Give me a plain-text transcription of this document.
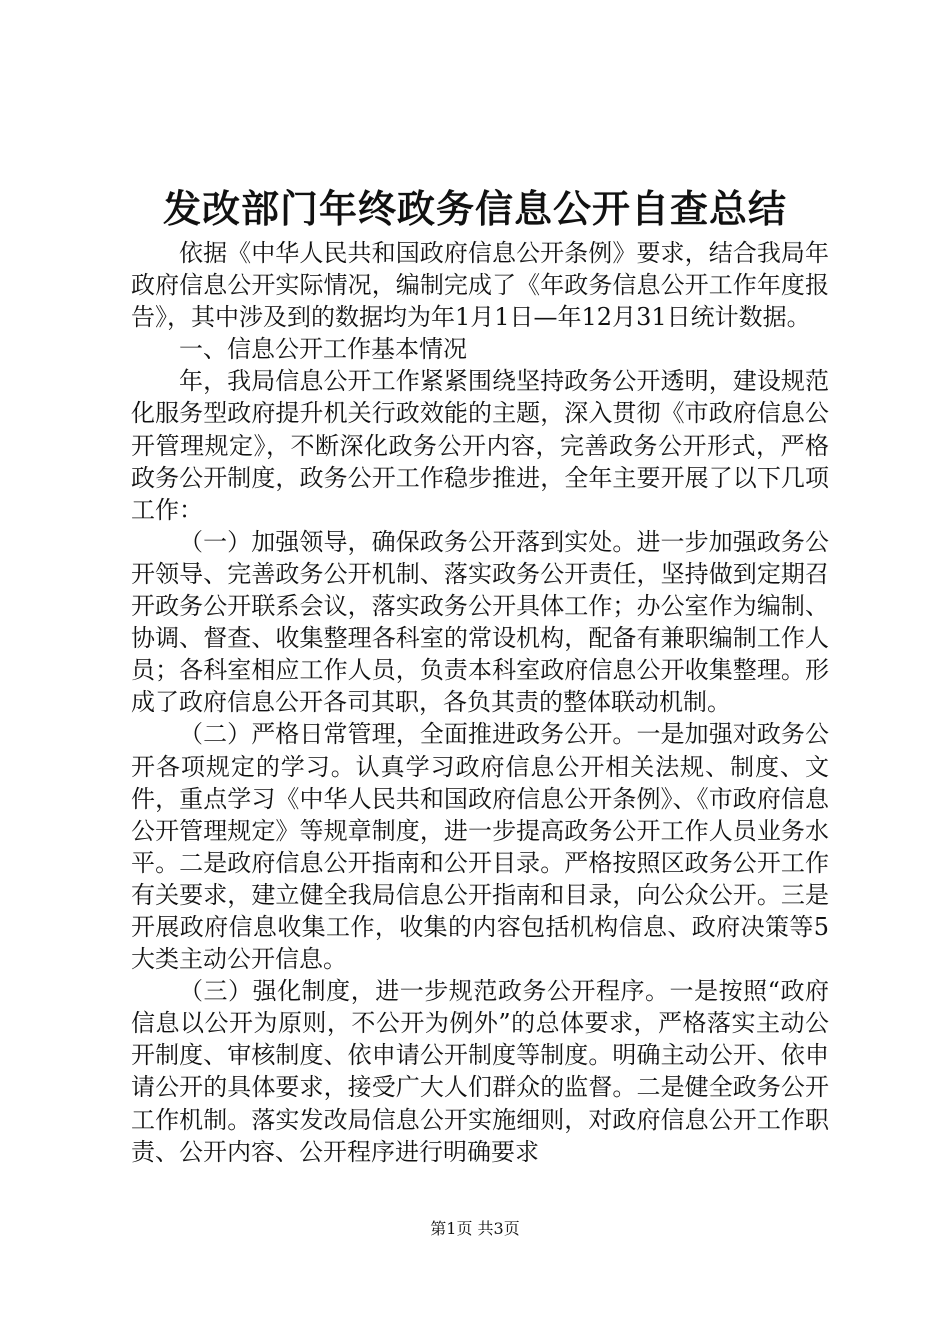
发改部门年终政务信息公开自查总结

依据《中华人民共和国政府信息公开条例》要求，结合我局年政府信息公开实际情况，编制完成了《年政务信息公开工作年度报告》，其中涉及到的数据均为年1月1日—年12月31日统计数据。

一、信息公开工作基本情况

年，我局信息公开工作紧紧围绕坚持政务公开透明，建设规范化服务型政府提升机关行政效能的主题，深入贯彻《市政府信息公开管理规定》，不断深化政务公开内容，完善政务公开形式，严格政务公开制度，政务公开工作稳步推进，全年主要开展了以下几项工作：

（一）加强领导，确保政务公开落到实处。进一步加强政务公开领导、完善政务公开机制、落实政务公开责任，坚持做到定期召开政务公开联系会议，落实政务公开具体工作；办公室作为编制、协调、督查、收集整理各科室的常设机构，配备有兼职编制工作人员；各科室相应工作人员，负责本科室政府信息公开收集整理。形成了政府信息公开各司其职，各负其责的整体联动机制。

（二）严格日常管理，全面推进政务公开。一是加强对政务公开各项规定的学习。认真学习政府信息公开相关法规、制度、文件，重点学习《中华人民共和国政府信息公开条例》、《市政府信息公开管理规定》等规章制度，进一步提高政务公开工作人员业务水平。二是政府信息公开指南和公开目录。严格按照区政务公开工作有关要求，建立健全我局信息公开指南和目录，向公众公开。三是开展政府信息收集工作，收集的内容包括机构信息、政府决策等5大类主动公开信息。

（三）强化制度，进一步规范政务公开程序。一是按照“政府信息以公开为原则，不公开为例外”的总体要求，严格落实主动公开制度、审核制度、依申请公开制度等制度。明确主动公开、依申请公开的具体要求，接受广大人们群众的监督。二是健全政务公开工作机制。落实发改局信息公开实施细则，对政府信息公开工作职责、公开内容、公开程序进行明确要求

第1页 共3页
